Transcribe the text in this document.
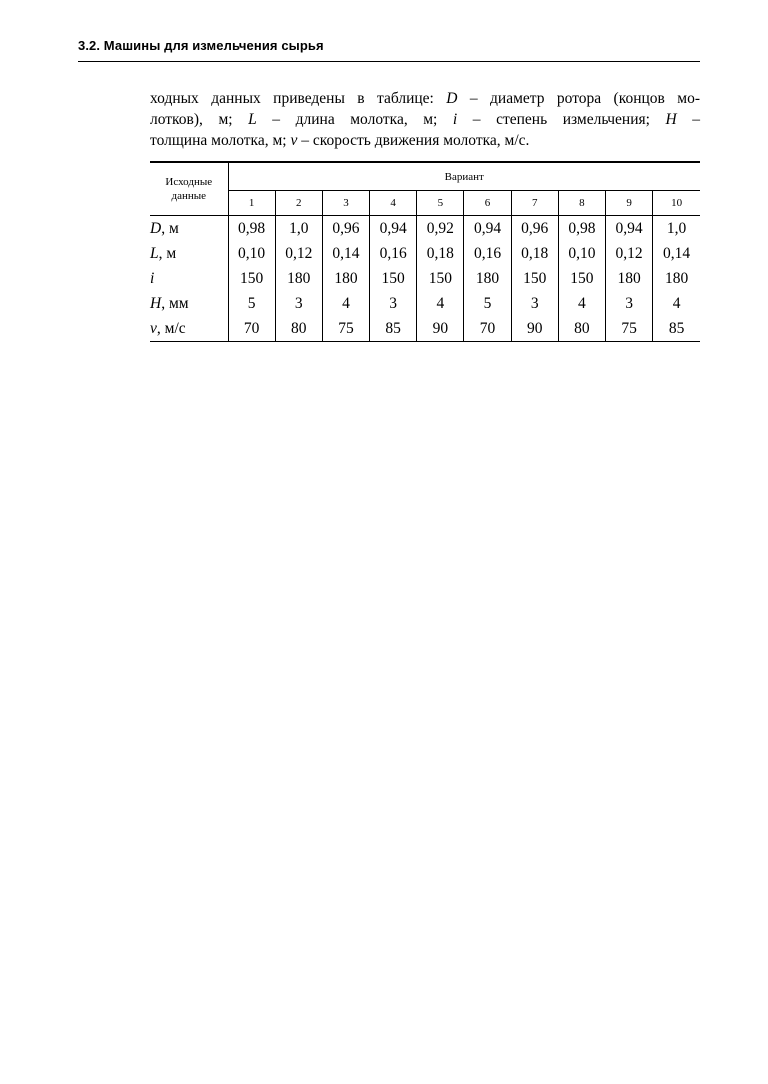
3.2. Машины для измельчения сырья
ходных данных приведены в таблице: D – диаметр ротора (концов мо-
лотков), м; L – длина молотка, м; i – степень измельчения; H –
толщина молотка, м; v – скорость движения молотка, м/с.
Исходные данные	Вариант									
	1	2	3	4	5	6	7	8	9	10
D, м	0,98	1,0	0,96	0,94	0,92	0,94	0,96	0,98	0,94	1,0
L, м	0,10	0,12	0,14	0,16	0,18	0,16	0,18	0,10	0,12	0,14
i	150	180	180	150	150	180	150	150	180	180
H, мм	5	3	4	3	4	5	3	4	3	4
v, м/с	70	80	75	85	90	70	90	80	75	85
